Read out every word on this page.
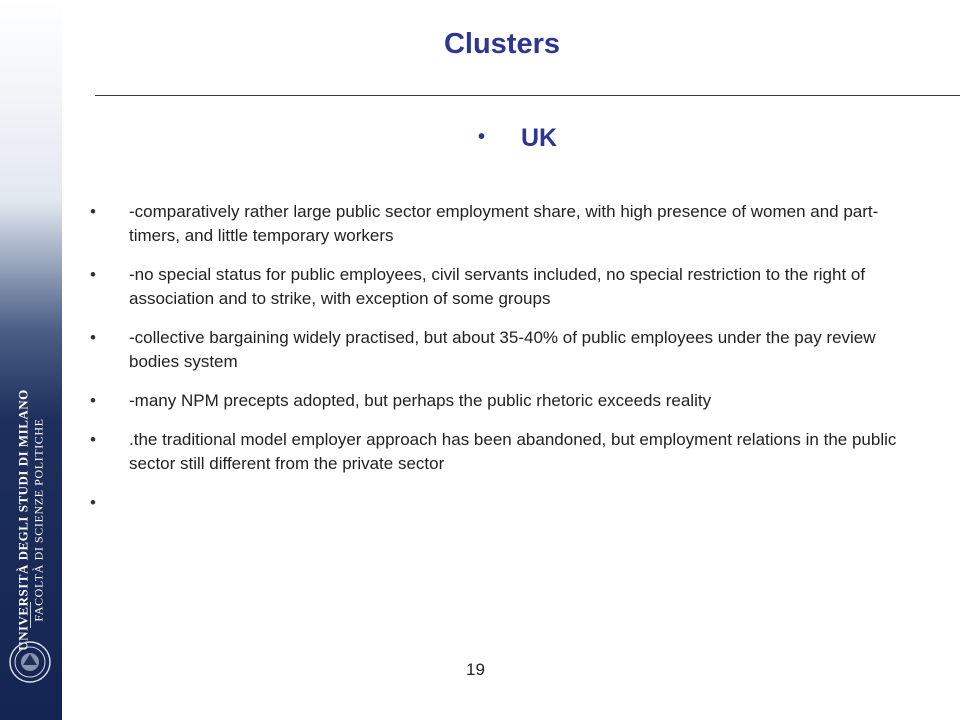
UNIVERSITÀ DEGLI STUDI DI MILANO FACOLTÀ DI SCIENZE POLITICHE
Clusters
• UK
• -comparatively rather large public sector employment share, with high presence of women and part-timers, and little temporary workers
• -no special status for public employees, civil servants included, no special restriction to the right of association and to strike, with exception of some groups
• -collective bargaining widely practised, but about 35-40% of public employees under the pay review bodies system
• -many NPM precepts adopted, but perhaps the public rhetoric exceeds reality
• .the traditional model employer approach has been abandoned, but employment relations in the public sector still different from the private sector
•
19
